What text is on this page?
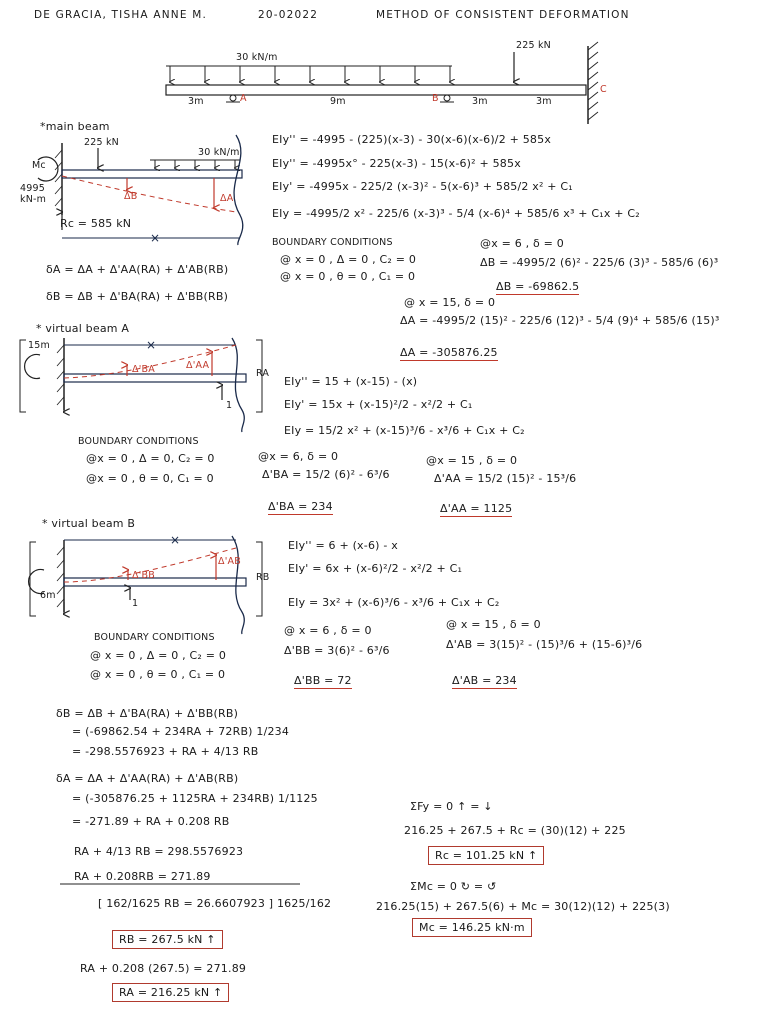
×
×
×
DE GRACIA, TISHA ANNE M.	20-02022	METHOD OF CONSISTENT DEFORMATION
30 kN/m
225 kN
3m	9m	3m	3m
A	B
C
*main beam
225 kN
30 kN/m
Mc
4995 kN-m
Rc = 585 kN
ΔB	ΔA
δA = ΔA + Δ'AA(RA) + Δ'AB(RB)
δB = ΔB + Δ'BA(RA) + Δ'BB(RB)
EIy'' = -4995 - (225)(x-3) - 30(x-6)(x-6)/2 + 585x
EIy'' = -4995x° - 225(x-3) - 15(x-6)² + 585x
EIy' = -4995x - 225/2 (x-3)² - 5(x-6)³ + 585/2 x² + C₁
EIy = -4995/2 x² - 225/6 (x-3)³ - 5/4 (x-6)⁴ + 585/6 x³ + C₁x + C₂
BOUNDARY CONDITIONS
@ x = 0 , Δ = 0 , C₂ = 0
@ x = 0 , θ = 0 , C₁ = 0
@x = 6 , δ = 0
ΔB = -4995/2 (6)² - 225/6 (3)³ - 585/6 (6)³
ΔB = -69862.5
@ x = 15, δ = 0
ΔA = -4995/2 (15)² - 225/6 (12)³ - 5/4 (9)⁴ + 585/6 (15)³
ΔA = -305876.25
* virtual beam A
15m
RA
1
Δ'BA	Δ'AA
EIy'' = 15 + (x-15) - (x)
EIy' = 15x + (x-15)²/2 - x²/2 + C₁
EIy = 15/2 x² + (x-15)³/6 - x³/6 + C₁x + C₂
BOUNDARY CONDITIONS
@x = 0 , Δ = 0, C₂ = 0
@x = 0 , θ = 0, C₁ = 0
@x = 6, δ = 0
Δ'BA = 15/2 (6)² - 6³/6
Δ'BA = 234
@x = 15 , δ = 0
Δ'AA = 15/2 (15)² - 15³/6
Δ'AA = 1125
* virtual beam B
6m
RB
1
Δ'BB
Δ'AB
EIy'' = 6 + (x-6) - x
EIy' = 6x + (x-6)²/2 - x²/2 + C₁
EIy = 3x² + (x-6)³/6 - x³/6 + C₁x + C₂
BOUNDARY CONDITIONS
@ x = 0 , Δ = 0 , C₂ = 0
@ x = 0 , θ = 0 , C₁ = 0
@ x = 6 , δ = 0
Δ'BB = 3(6)² - 6³/6
Δ'BB = 72
@ x = 15 , δ = 0
Δ'AB = 3(15)² - (15)³/6 + (15-6)³/6
Δ'AB = 234
δB = ΔB + Δ'BA(RA) + Δ'BB(RB)
= (-69862.54 + 234RA + 72RB) 1/234
= -298.5576923 + RA + 4/13 RB
δA = ΔA + Δ'AA(RA) + Δ'AB(RB)
= (-305876.25 + 1125RA + 234RB) 1/1125
= -271.89 + RA + 0.208 RB
RA + 4/13 RB = 298.5576923
RA + 0.208RB = 271.89
[ 162/1625 RB = 26.6607923 ] 1625/162
RB = 267.5 kN ↑
RA + 0.208 (267.5) = 271.89
RA = 216.25 kN ↑
ΣFy = 0 ↑ = ↓
216.25 + 267.5 + Rc = (30)(12) + 225
Rc = 101.25 kN ↑
ΣMc = 0 ↻ = ↺
216.25(15) + 267.5(6) + Mc = 30(12)(12) + 225(3)
Mc = 146.25 kN·m
